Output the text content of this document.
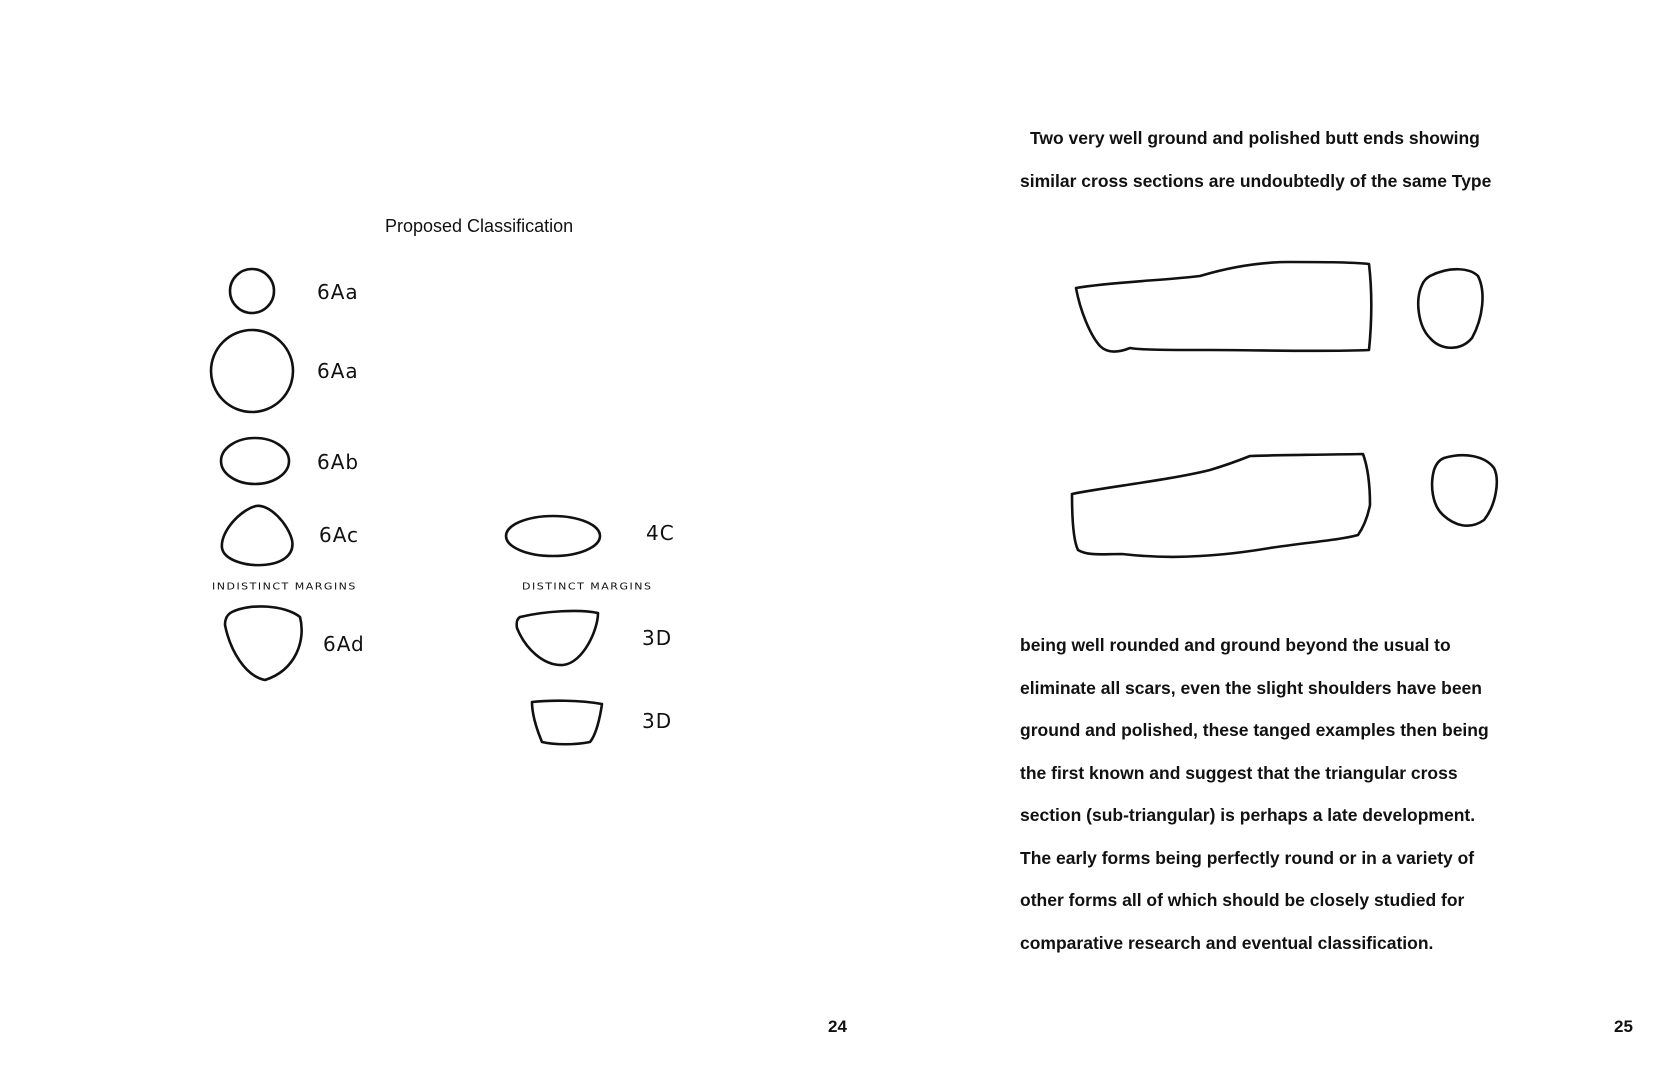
Proposed Classification
6Aa
6Aa
6Ab
6Ac
6Ad
4C
3D
3D
INDISTINCT MARGINS	DISTINCT MARGINS
24
Two very well ground and polished butt ends showing
similar cross sections are undoubtedly of the same Type
being well rounded and ground beyond the usual to
eliminate all scars, even the slight shoulders have been
ground and polished, these tanged examples then being
the first known and suggest that the triangular cross
section (sub-triangular) is perhaps a late development.
The early forms being perfectly round or in a variety of
other forms all of which should be closely studied for
comparative research and eventual classification.
25
